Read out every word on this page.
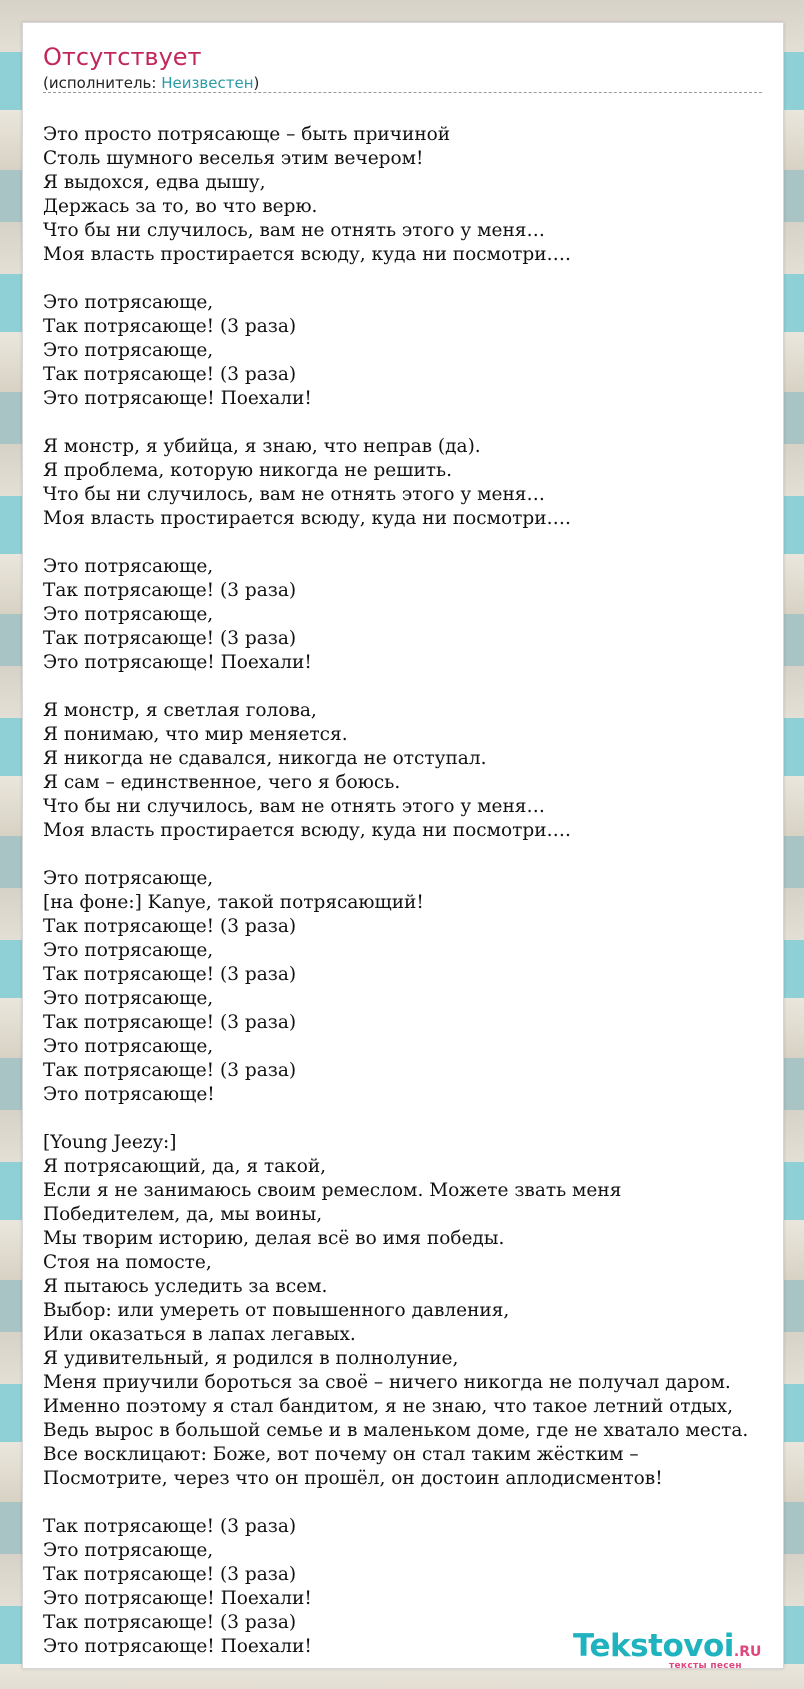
Отсутствует
(исполнитель: Неизвестен)
Это просто потрясающе – быть причиной
Столь шумного веселья этим вечером!
Я выдохся, едва дышу,
Держась за то, во что верю.
Что бы ни случилось, вам не отнять этого у меня…
Моя власть простирается всюду, куда ни посмотри….
Это потрясающе,
Так потрясающе! (3 раза)
Это потрясающе,
Так потрясающе! (3 раза)
Это потрясающе! Поехали!
Я монстр, я убийца, я знаю, что неправ (да).
Я проблема, которую никогда не решить.
Что бы ни случилось, вам не отнять этого у меня…
Моя власть простирается всюду, куда ни посмотри….
Это потрясающе,
Так потрясающе! (3 раза)
Это потрясающе,
Так потрясающе! (3 раза)
Это потрясающе! Поехали!
Я монстр, я светлая голова,
Я понимаю, что мир меняется.
Я никогда не сдавался, никогда не отступал.
Я сам – единственное, чего я боюсь.
Что бы ни случилось, вам не отнять этого у меня…
Моя власть простирается всюду, куда ни посмотри….
Это потрясающе,
[на фоне:] Kanye, такой потрясающий!
Так потрясающе! (3 раза)
Это потрясающе,
Так потрясающе! (3 раза)
Это потрясающе,
Так потрясающе! (3 раза)
Это потрясающе,
Так потрясающе! (3 раза)
Это потрясающе!
[Young Jeezy:]
Я потрясающий, да, я такой,
Если я не занимаюсь своим ремеслом. Можете звать меня
Победителем, да, мы воины,
Мы творим историю, делая всё во имя победы.
Стоя на помосте,
Я пытаюсь уследить за всем.
Выбор: или умереть от повышенного давления,
Или оказаться в лапах легавых.
Я удивительный, я родился в полнолуние,
Меня приучили бороться за своё – ничего никогда не получал даром.
Именно поэтому я стал бандитом, я не знаю, что такое летний отдых,
Ведь вырос в большой семье и в маленьком доме, где не хватало места.
Все восклицают: Боже, вот почему он стал таким жёстким –
Посмотрите, через что он прошёл, он достоин аплодисментов!
Так потрясающе! (3 раза)
Это потрясающе,
Так потрясающе! (3 раза)
Это потрясающе! Поехали!
Так потрясающе! (3 раза)
Это потрясающе! Поехали!	Tekstovoi.RU
тексты песен
